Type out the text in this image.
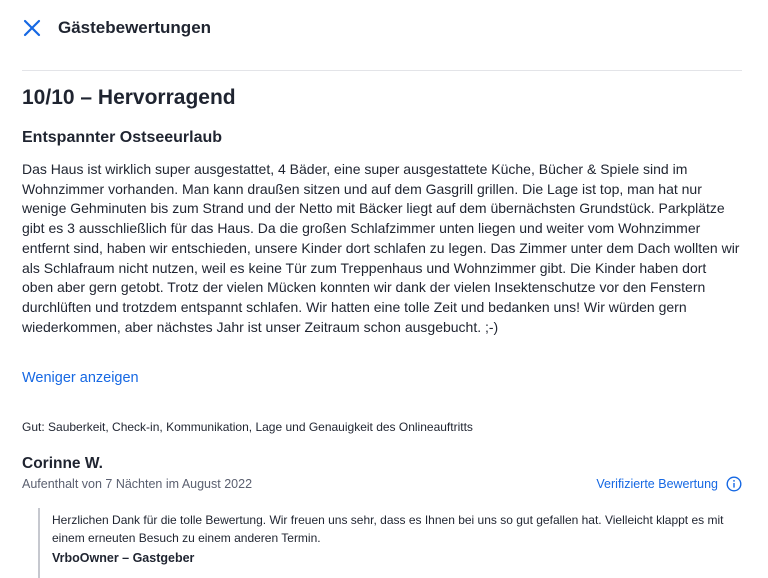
Gästebewertungen
10/10 – Hervorragend
Entspannter Ostseeurlaub

Das Haus ist wirklich super ausgestattet, 4 Bäder, eine super ausgestattete Küche, Bücher & Spiele sind im Wohnzimmer vorhanden. Man kann draußen sitzen und auf dem Gasgrill grillen. Die Lage ist top, man hat nur wenige Gehminuten bis zum Strand und der Netto mit Bäcker liegt auf dem übernächsten Grundstück. Parkplätze gibt es 3 ausschließlich für das Haus. Da die großen Schlafzimmer unten liegen und weiter vom Wohnzimmer entfernt sind, haben wir entschieden, unsere Kinder dort schlafen zu legen. Das Zimmer unter dem Dach wollten wir als Schlafraum nicht nutzen, weil es keine Tür zum Treppenhaus und Wohnzimmer gibt. Die Kinder haben dort oben aber gern getobt. Trotz der vielen Mücken konnten wir dank der vielen Insektenschutze vor den Fenstern durchlüften und trotzdem entspannt schlafen. Wir hatten eine tolle Zeit und bedanken uns! Wir würden gern wiederkommen, aber nächstes Jahr ist unser Zeitraum schon ausgebucht. ;-)

Weniger anzeigen
Gut: Sauberkeit, Check-in, Kommunikation, Lage und Genauigkeit des Onlineauftritts
Corinne W.
Aufenthalt von 7 Nächten im August 2022	Verifizierte Bewertung

Herzlichen Dank für die tolle Bewertung. Wir freuen uns sehr, dass es Ihnen bei uns so gut gefallen hat. Vielleicht klappt es mit einem erneuten Besuch zu einem anderen Termin.

VrboOwner – Gastgeber
